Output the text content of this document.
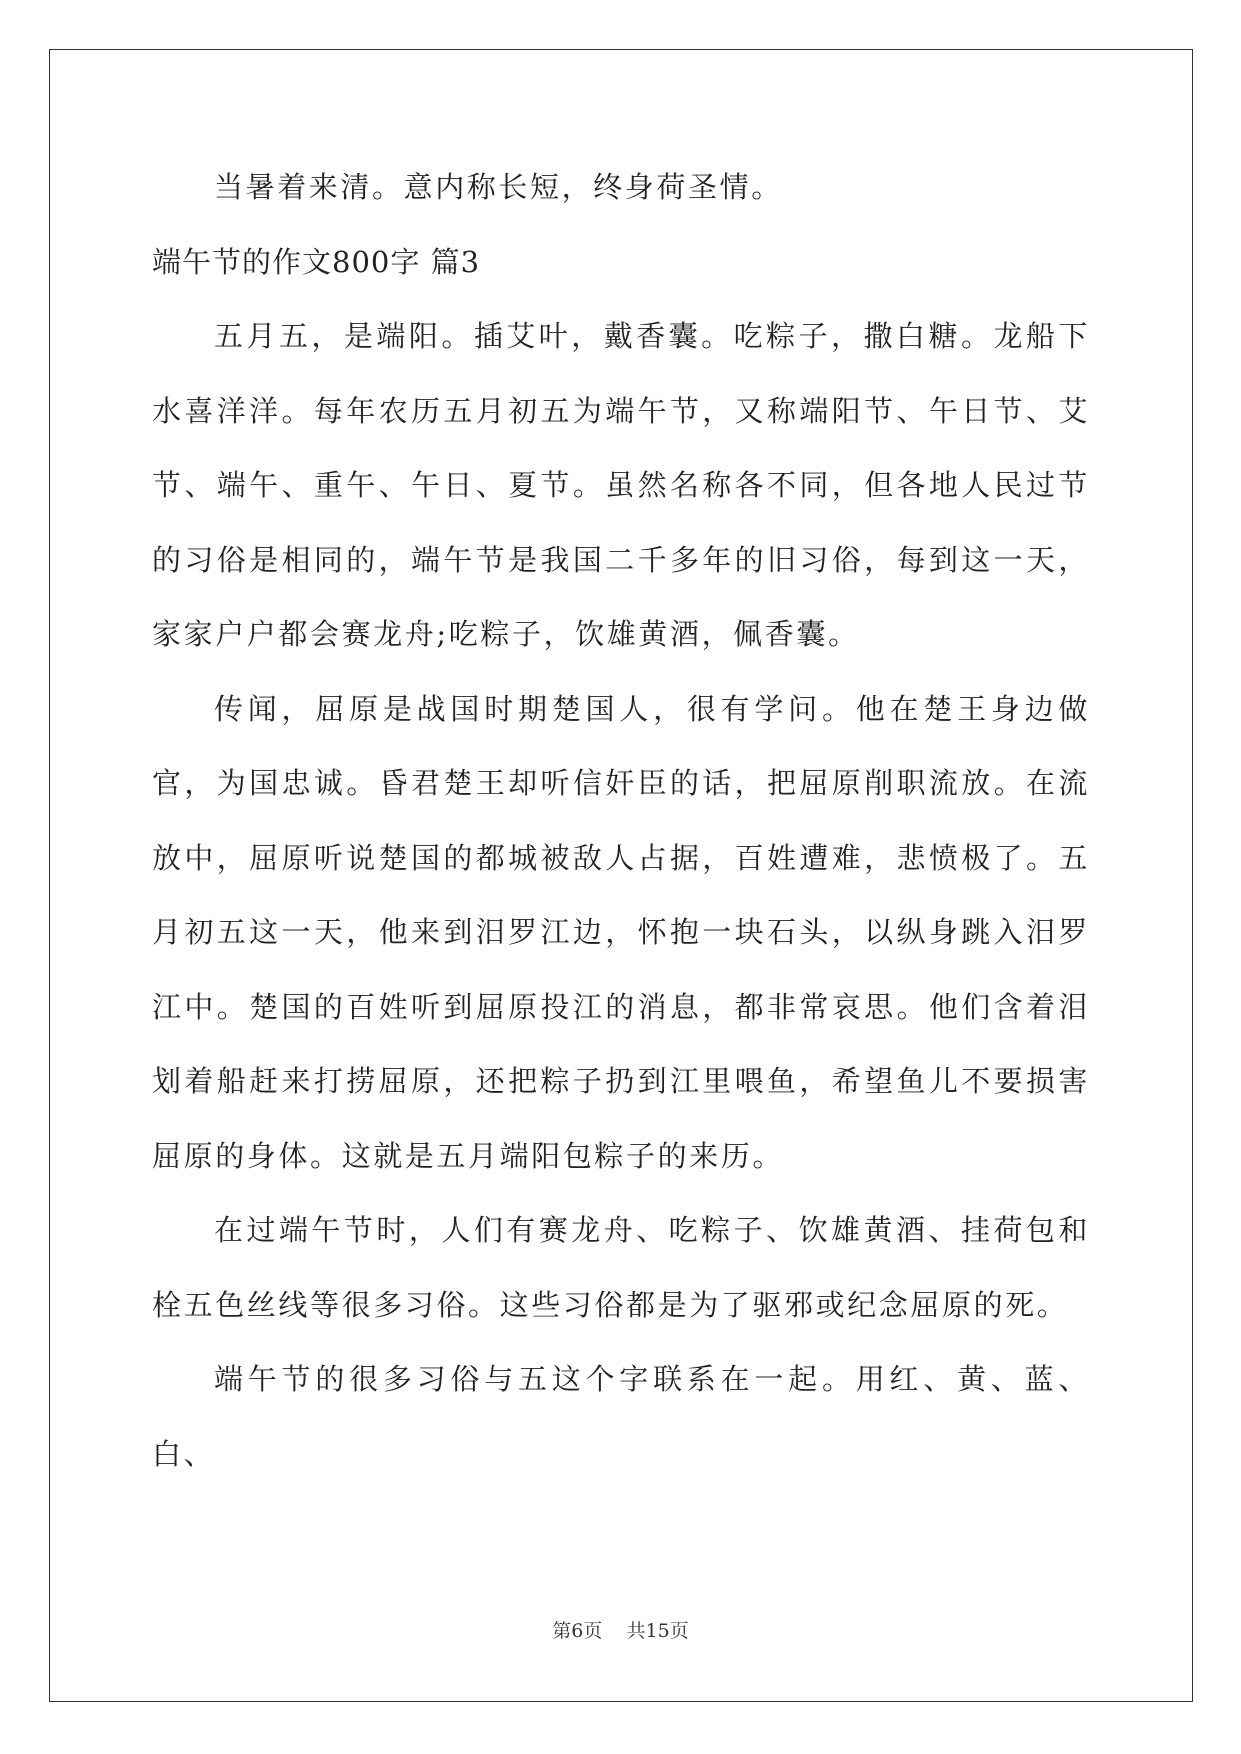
当暑着来清。意内称长短，终身荷圣情。

端午节的作文800字 篇3

五月五，是端阳。插艾叶，戴香囊。吃粽子，撒白糖。龙船下水喜洋洋。每年农历五月初五为端午节，又称端阳节、午日节、艾节、端午、重午、午日、夏节。虽然名称各不同，但各地人民过节的习俗是相同的，端午节是我国二千多年的旧习俗，每到这一天，家家户户都会赛龙舟;吃粽子，饮雄黄酒，佩香囊。

传闻，屈原是战国时期楚国人，很有学问。他在楚王身边做官，为国忠诚。昏君楚王却听信奸臣的话，把屈原削职流放。在流放中，屈原听说楚国的都城被敌人占据，百姓遭难，悲愤极了。五月初五这一天，他来到汨罗江边，怀抱一块石头，以纵身跳入汨罗江中。楚国的百姓听到屈原投江的消息，都非常哀思。他们含着泪划着船赶来打捞屈原，还把粽子扔到江里喂鱼，希望鱼儿不要损害屈原的身体。这就是五月端阳包粽子的来历。

在过端午节时，人们有赛龙舟、吃粽子、饮雄黄酒、挂荷包和栓五色丝线等很多习俗。这些习俗都是为了驱邪或纪念屈原的死。

端午节的很多习俗与五这个字联系在一起。用红、黄、蓝、白、

第6页 共15页
